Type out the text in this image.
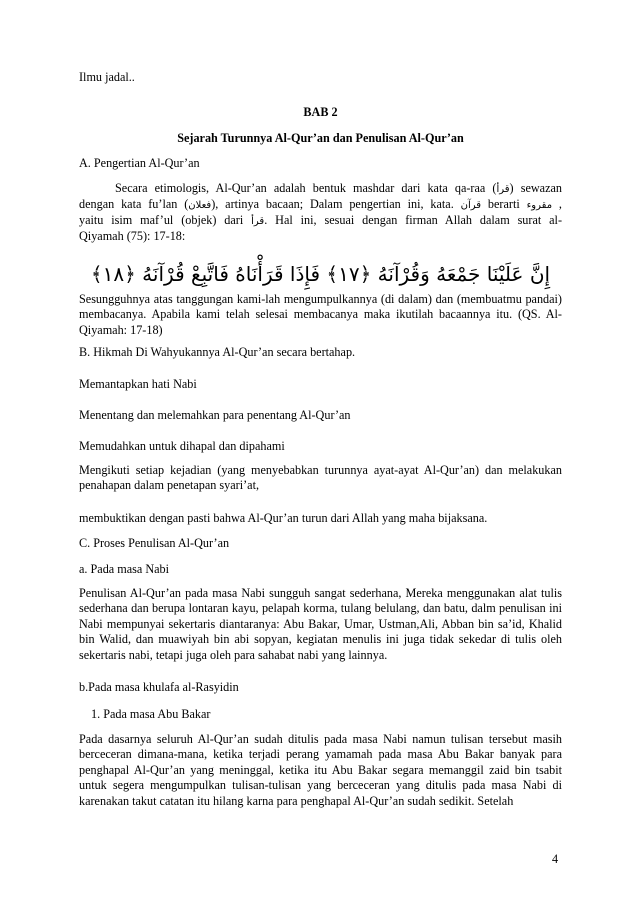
Ilmu jadal..
BAB 2
Sejarah Turunnya Al-Qur’an dan Penulisan Al-Qur’an
A. Pengertian Al-Qur’an
Secara etimologis, Al-Qur’an adalah bentuk mashdar dari kata qa-raa (قرأ) sewazan
dengan kata fu’lan (فعلان), artinya bacaan; Dalam pengertian ini, kata. قرآن berarti مقروء ,
yaitu isim maf’ul (objek) dari قرأ. Hal ini, sesuai dengan firman Allah dalam surat al-
Qiyamah (75): 17-18:
إِنَّ عَلَيْنَا جَمْعَهُ وَقُرْآنَهُ ﴿١٧﴾ فَإِذَا قَرَأْنَاهُ فَاتَّبِعْ قُرْآنَهُ ﴿١٨﴾
Sesungguhnya atas tanggungan kami-lah mengumpulkannya (di dalam) dan (membuatmu pandai) membacanya. Apabila kami telah selesai membacanya maka ikutilah bacaannya itu. (QS. Al-Qiyamah: 17-18)
B. Hikmah Di Wahyukannya Al-Qur’an secara bertahap.
Memantapkan hati Nabi
Menentang dan melemahkan para penentang Al-Qur’an
Memudahkan untuk dihapal dan dipahami
Mengikuti setiap kejadian (yang menyebabkan turunnya ayat-ayat Al-Qur’an) dan melakukan penahapan dalam penetapan syari’at,
membuktikan dengan pasti bahwa Al-Qur’an turun dari Allah yang maha bijaksana.
C. Proses Penulisan Al-Qur’an
a. Pada masa Nabi
Penulisan Al-Qur’an pada masa Nabi sungguh sangat sederhana, Mereka menggunakan alat tulis sederhana dan berupa lontaran kayu, pelapah korma, tulang belulang, dan batu, dalm penulisan ini Nabi mempunyai sekertaris diantaranya: Abu Bakar, Umar, Ustman,Ali, Abban bin sa’id, Khalid bin Walid, dan muawiyah bin abi sopyan, kegiatan menulis ini juga tidak sekedar di tulis oleh sekertaris nabi, tetapi juga oleh para sahabat nabi yang lainnya.
b.Pada masa khulafa al-Rasyidin
1. Pada masa Abu Bakar
Pada dasarnya seluruh Al-Qur’an sudah ditulis pada masa Nabi namun tulisan tersebut masih berceceran dimana-mana, ketika terjadi perang yamamah pada masa Abu Bakar banyak para penghapal Al-Qur’an yang meninggal, ketika itu Abu Bakar segara memanggil zaid bin tsabit untuk segera mengumpulkan tulisan-tulisan yang berceceran yang ditulis pada masa Nabi di karenakan takut catatan itu hilang karna para penghapal Al-Qur’an sudah sedikit. Setelah
4
